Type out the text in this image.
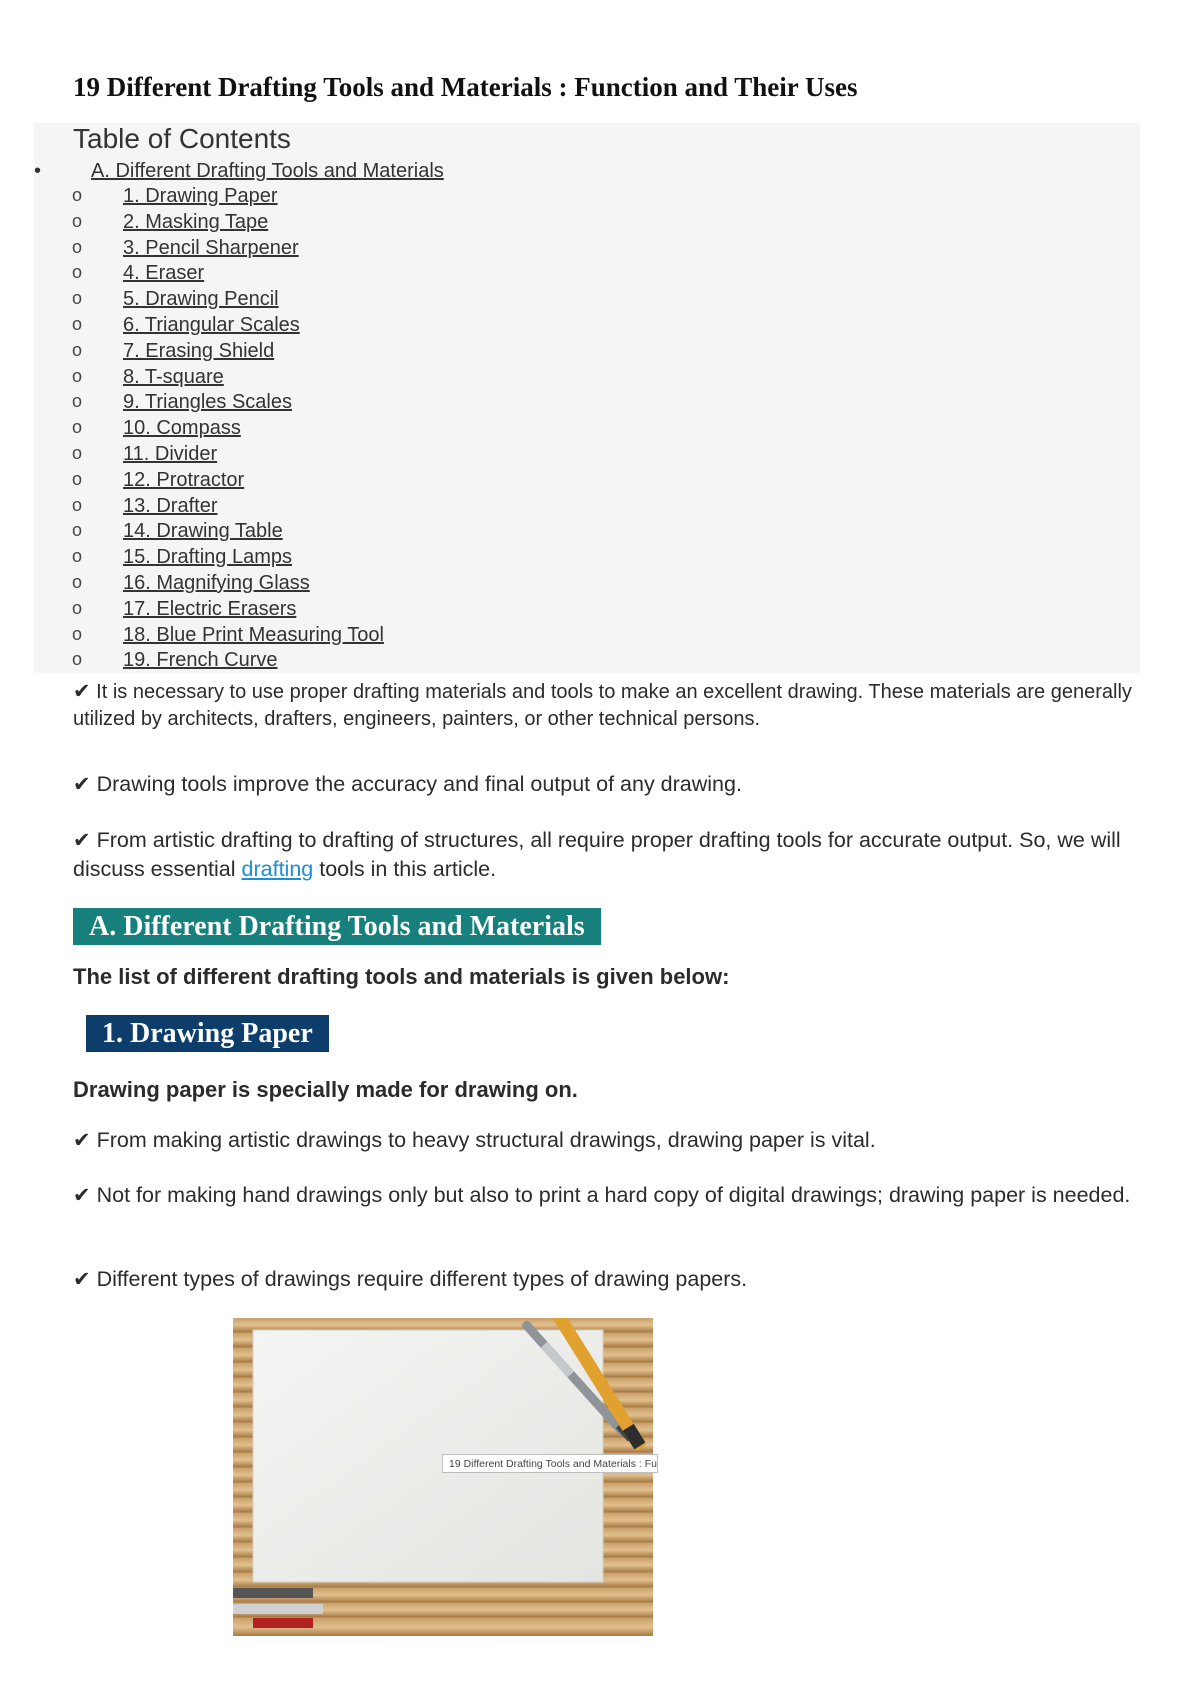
19 Different Drafting Tools and Materials : Function and Their Uses
Table of Contents
•	A. Different Drafting Tools and Materials
o	1. Drawing Paper
o	2. Masking Tape
o	3. Pencil Sharpener
o	4. Eraser
o	5. Drawing Pencil
o	6. Triangular Scales
o	7. Erasing Shield
o	8. T-square
o	9. Triangles Scales
o	10. Compass
o	11. Divider
o	12. Protractor
o	13. Drafter
o	14. Drawing Table
o	15. Drafting Lamps
o	16. Magnifying Glass
o	17. Electric Erasers
o	18. Blue Print Measuring Tool
o	19. French Curve

✔ It is necessary to use proper drafting materials and tools to make an excellent drawing. These materials are generally utilized by architects, drafters, engineers, painters, or other technical persons.

✔ Drawing tools improve the accuracy and final output of any drawing.

✔ From artistic drafting to drafting of structures, all require proper drafting tools for accurate output. So, we will discuss essential drafting tools in this article.

A. Different Drafting Tools and Materials

The list of different drafting tools and materials is given below:

1. Drawing Paper

Drawing paper is specially made for drawing on.

✔ From making artistic drawings to heavy structural drawings, drawing paper is vital.

✔ Not for making hand drawings only but also to print a hard copy of digital drawings; drawing paper is needed.

✔ Different types of drawings require different types of drawing papers.

19 Different Drafting Tools and Materials : Fu
